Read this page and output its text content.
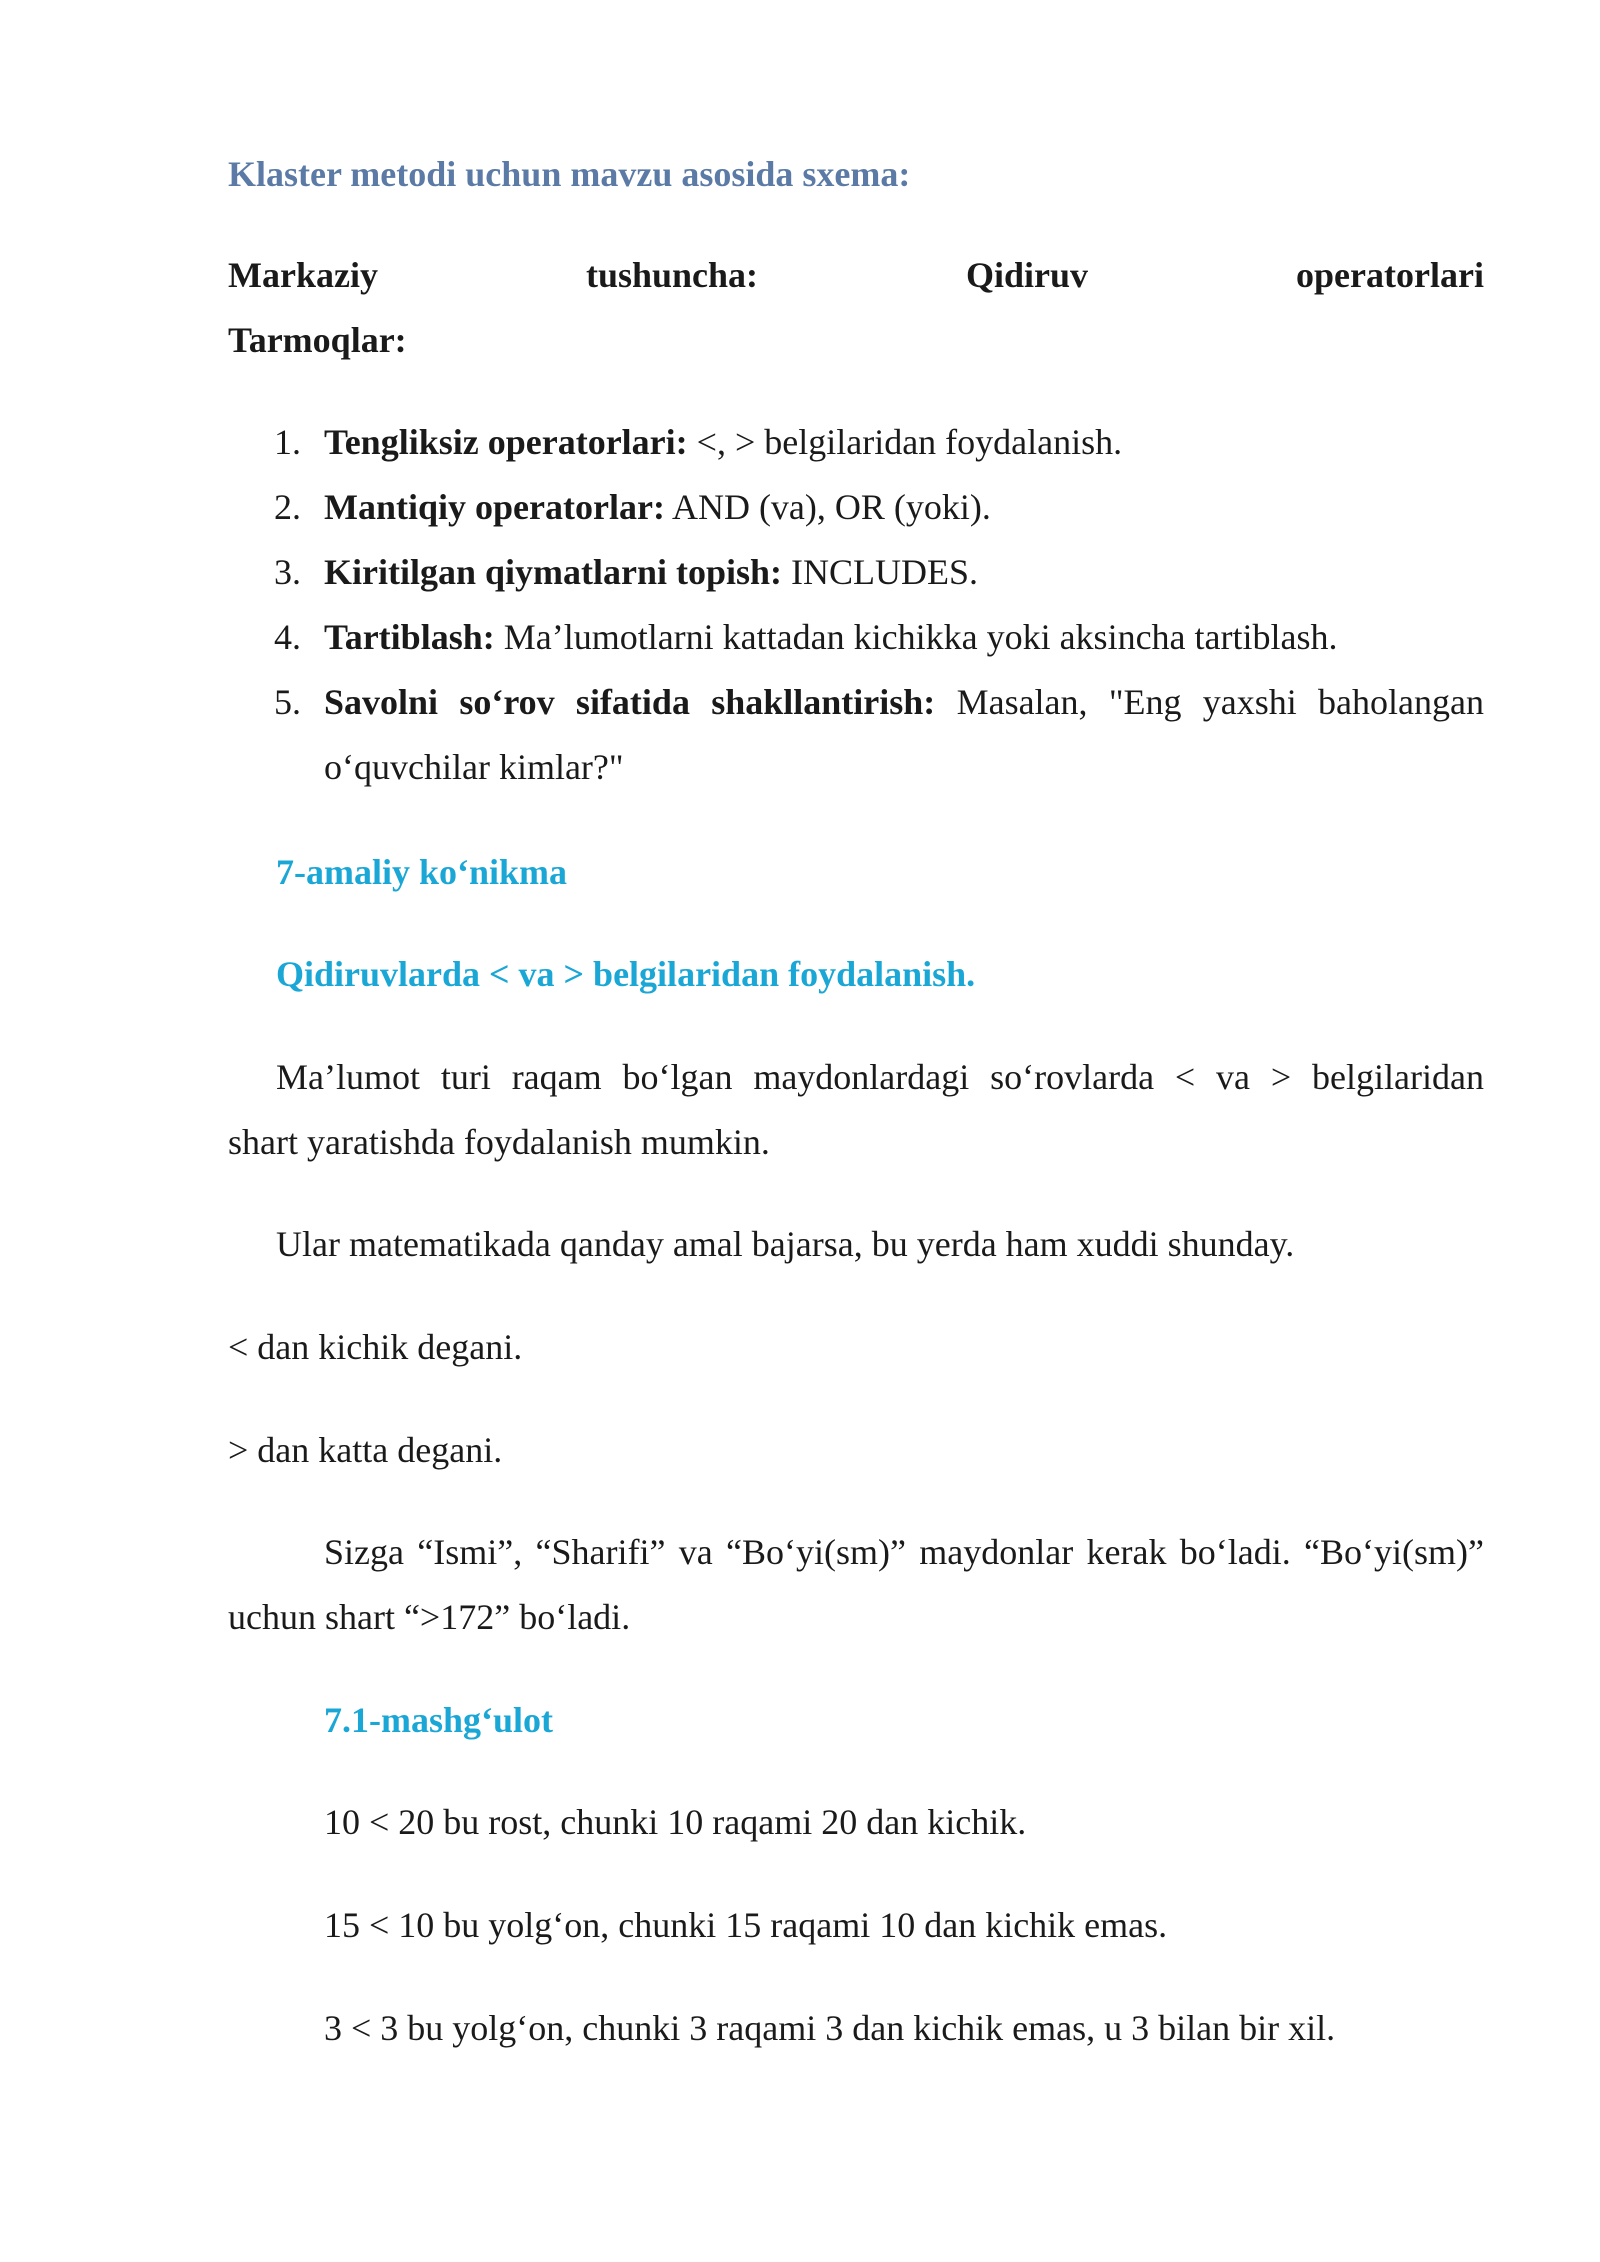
Klaster metodi uchun mavzu asosida sxema:
Markaziy	tushuncha:	Qidiruv	operatorlari
Tarmoqlar:
1. Tengliksiz operatorlari: <, > belgilaridan foydalanish.
2. Mantiqiy operatorlar: AND (va), OR (yoki).
3. Kiritilgan qiymatlarni topish: INCLUDES.
4. Tartiblash: Ma’lumotlarni kattadan kichikka yoki aksincha tartiblash.
5. Savolni so‘rov sifatida shakllantirish: Masalan, "Eng yaxshi baholangan
o‘quvchilar kimlar?"
7-amaliy ko‘nikma
Qidiruvlarda < va > belgilaridan foydalanish.
Ma’lumot turi raqam bo‘lgan maydonlardagi so‘rovlarda < va > belgilaridan
shart yaratishda foydalanish mumkin.
Ular matematikada qanday amal bajarsa, bu yerda ham xuddi shunday.
< dan kichik degani.
> dan katta degani.
Sizga “Ismi”, “Sharifi” va “Bo‘yi(sm)” maydonlar kerak bo‘ladi. “Bo‘yi(sm)”
uchun shart “>172” bo‘ladi.
7.1-mashg‘ulot
10 < 20 bu rost, chunki 10 raqami 20 dan kichik.
15 < 10 bu yolg‘on, chunki 15 raqami 10 dan kichik emas.
3 < 3 bu yolg‘on, chunki 3 raqami 3 dan kichik emas, u 3 bilan bir xil.
